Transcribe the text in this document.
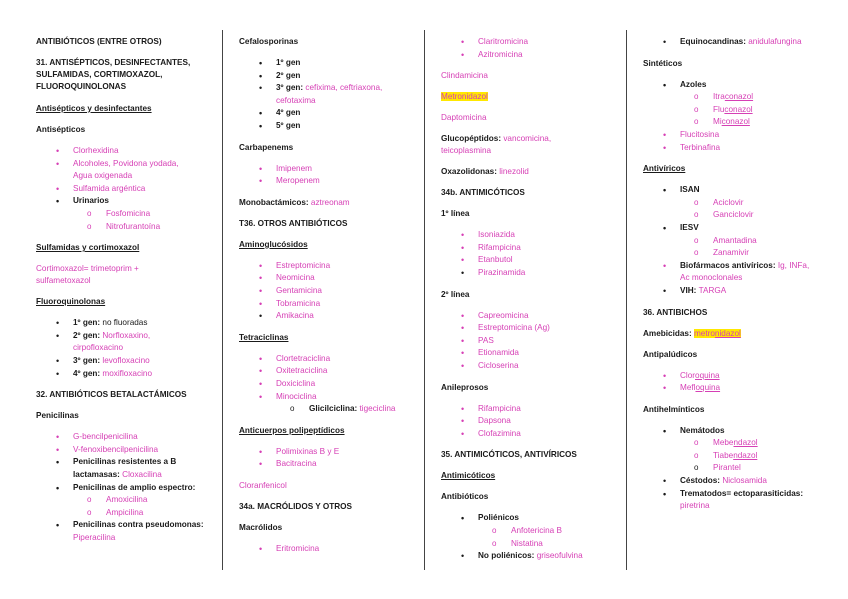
ANTIBIÓTICOS (ENTRE OTROS)
31. ANTISÉPTICOS, DESINFECTANTES, SULFAMIDAS, CORTIMOXAZOL, FLUOROQUINOLONAS
Antisépticos y desinfectantes
Antisépticos
• Clorhexidina
• Alcoholes, Povidona yodada,
Agua oxigenada
• Sulfamida argéntica
• Urinarios
o Fosfomicina
o Nitrofurantoína
Sulfamidas y cortimoxazol
Cortimoxazol= trimetoprim +
sulfametoxazol
Fluoroquinolonas
• 1º gen: no fluoradas
• 2º gen: Norfloxaxino,
cirpofloxacino
• 3º gen: levofloxacino
• 4º gen: moxifloxacino
32. ANTIBIÓTICOS BETALACTÁMICOS
Penicilinas
• G-bencilpenicilina
• V-fenoxibencilpenicilina
• Penicilinas resistentes a B
lactamasas: Cloxacilina
• Penicilinas de amplio espectro:
o Amoxicilina
o Ampicilina
• Penicilinas contra pseudomonas:
Piperacilina
Cefalosporinas
• 1º gen
• 2º gen
• 3º gen: cefixima, ceftriaxona,
cefotaxima
• 4º gen
• 5º gen
Carbapenems
• Imipenem
• Meropenem
Monobactámicos: aztreonam
T36. OTROS ANTIBIÓTICOS
Aminoglucósidos
• Estreptomicina
• Neomicina
• Gentamicina
• Tobramicina
• Amikacina
Tetraciclinas
• Clortetraciclina
• Oxitetraciclina
• Doxiciclina
• Minociclina
o Glicilciclina: tigeciclina
Anticuerpos polipeptídicos
• Polimixinas B y E
• Bacitracina
Cloranfenicol
34a. MACRÓLIDOS Y OTROS
Macrólidos
• Eritromicina
• Claritromicina
• Azitromicina
Clindamicina
Metronidazol
Daptomicina
Glucopéptidos: vancomicina,
teicoplasmina
Oxazolidonas: linezolid
34b. ANTIMICÓTICOS
1º línea
• Isoniazida
• Rifampicina
• Etanbutol
• Pirazinamida
2º línea
• Capreomicina
• Estreptomicina (Ag)
• PAS
• Etionamida
• Cicloserina
Anileprosos
• Rifampicina
• Dapsona
• Clofazimina
35. ANTIMICÓTICOS, ANTIVÍRICOS
Antimicóticos
Antibióticos
• Poliénicos
o Anfotericina B
o Nistatina
• No poliénicos: griseofulvina
• Equinocandinas: anidulafungina
Sintéticos
• Azoles
o Itraconazol
o Fluconazol
o Miconazol
• Flucitosina
• Terbinafina
Antivíricos
• ISAN
o Aciclovir
o Ganciclovir
• IESV
o Amantadina
o Zanamivir
• Biofármacos antivíricos: Ig, INFa,
Ac monoclonales
• VIH: TARGA
36. ANTIBICHOS
Amebicidas: metronidazol
Antipalúdicos
• Cloroquina
• Mefloquina
Antihelmínticos
• Nemátodos
o Mebendazol
o Tiabendazol
o Pirantel
• Céstodos: Niclosamida
• Trematodos= ectoparasiticidas:
piretrina
